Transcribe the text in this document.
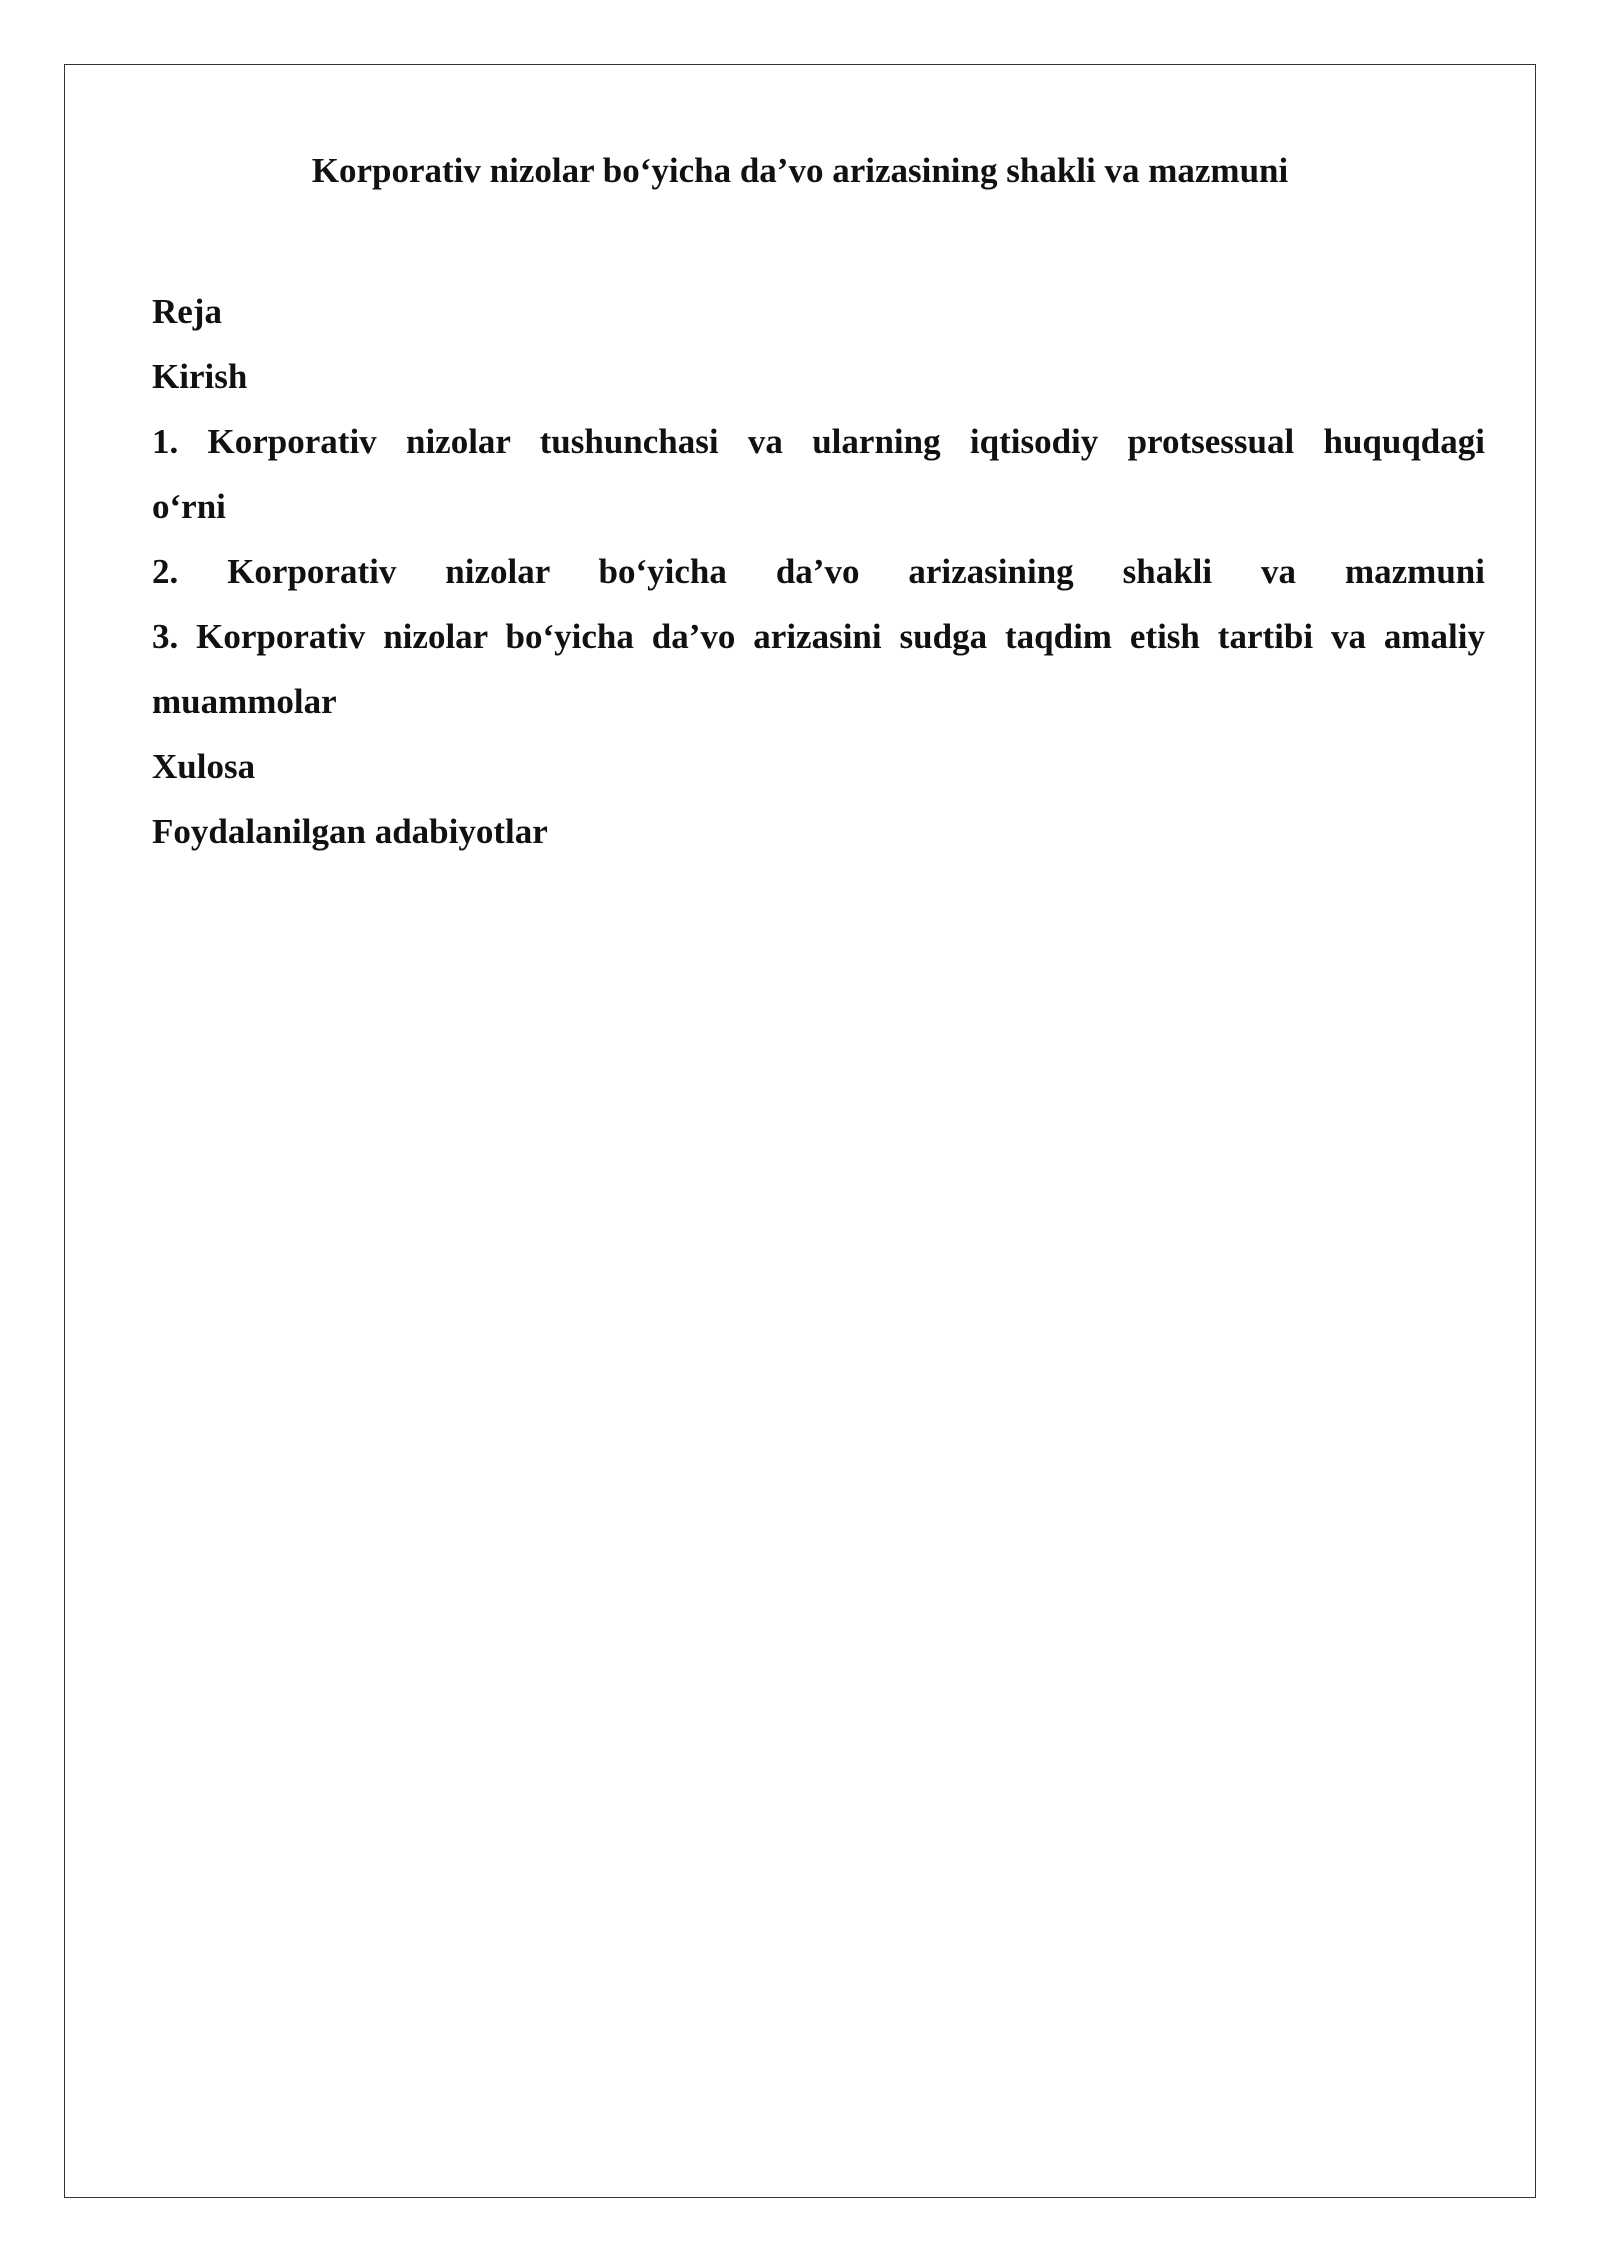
Korporativ nizolar bo‘yicha da’vo arizasining shakli va mazmuni
Reja
Kirish
1. Korporativ nizolar tushunchasi va ularning iqtisodiy protsessual huquqdagi
o‘rni
2. Korporativ nizolar bo‘yicha da’vo arizasining shakli va mazmuni
3. Korporativ nizolar bo‘yicha da’vo arizasini sudga taqdim etish tartibi va amaliy
muammolar
Xulosa
Foydalanilgan adabiyotlar
